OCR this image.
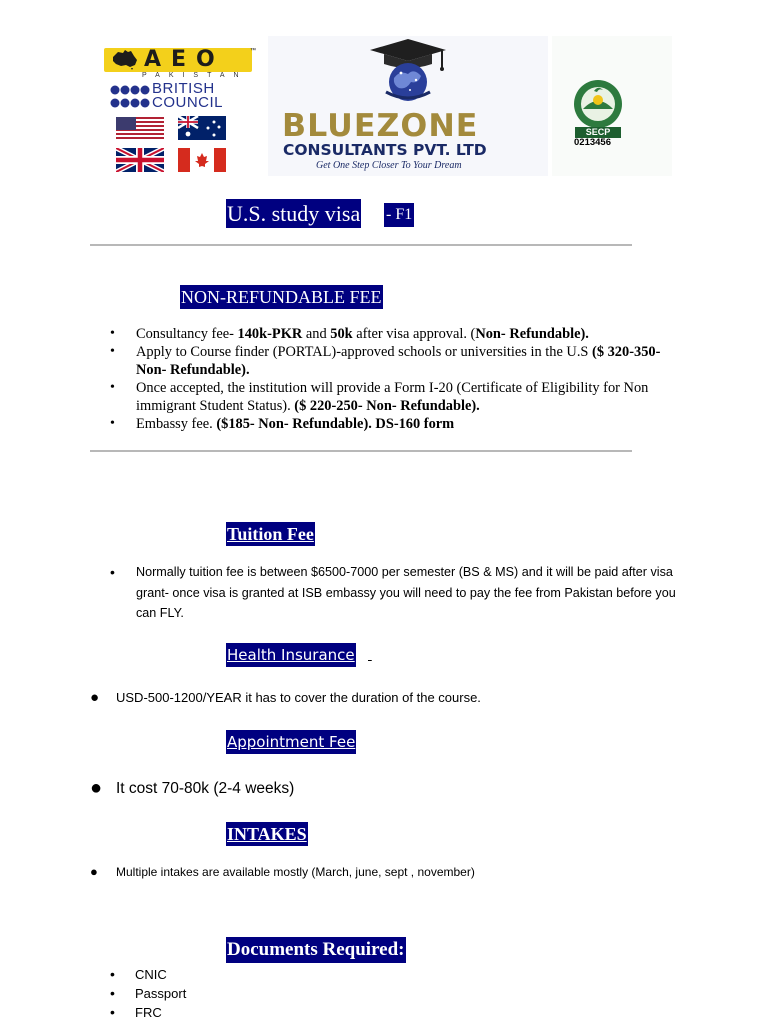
AEO	™
PAKISTAN
BRITISH
COUNCIL
BLUEZONE
CONSULTANTS PVT. LTD
Get One Step Closer To Your Dream
SECP
0213456
U.S. study visa - F1
NON-REFUNDABLE FEE
• Consultancy fee- 140k-PKR and 50k after visa approval. (Non- Refundable).
• Apply to Course finder (PORTAL)-approved schools or universities in the U.S ($ 320-350- Non- Refundable).
• Once accepted, the institution will provide a Form I-20 (Certificate of Eligibility for Non immigrant Student Status). ($ 220-250- Non- Refundable).
• Embassy fee. ($185- Non- Refundable). DS-160 form
Tuition Fee
• Normally tuition fee is between $6500-7000 per semester (BS & MS) and it will be paid after visa grant- once visa is granted at ISB embassy you will need to pay the fee from Pakistan before you can FLY.
Health Insurance

● USD-500-1200/YEAR it has to cover the duration of the course.
Appointment Fee
● It cost 70-80k (2-4 weeks)
INTAKES
● Multiple intakes are available mostly (March, june, sept , november)
Documents Required:
• CNIC
• Passport
• FRC
